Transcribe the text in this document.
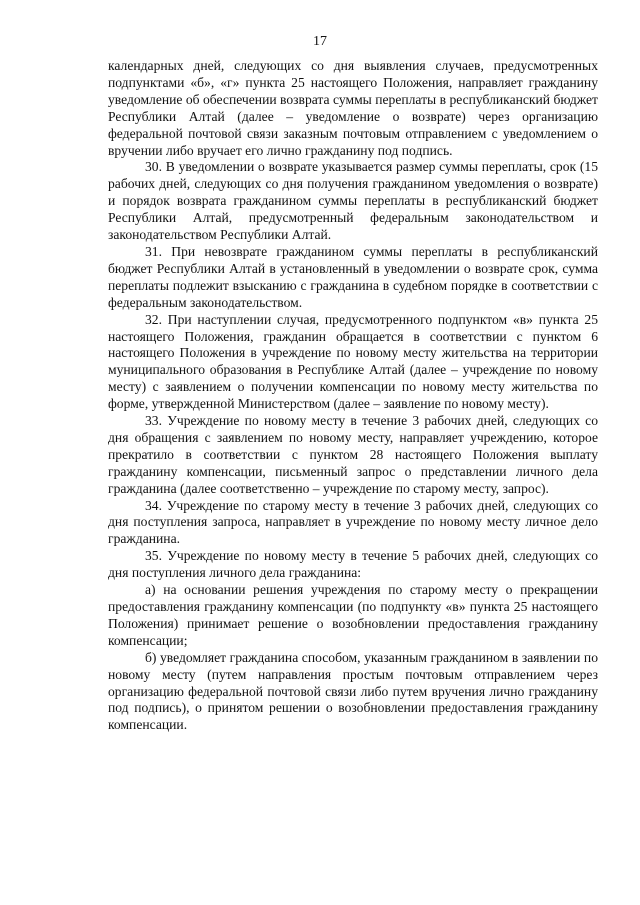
17

календарных дней, следующих со дня выявления случаев, предусмотренных подпунктами «б», «г» пункта 25 настоящего Положения, направляет гражданину уведомление об обеспечении возврата суммы переплаты в республиканский бюджет Республики Алтай (далее – уведомление о возврате) через организацию федеральной почтовой связи заказным почтовым отправлением с уведомлением о вручении либо вручает его лично гражданину под подпись.

30. В уведомлении о возврате указывается размер суммы переплаты, срок (15 рабочих дней, следующих со дня получения гражданином уведомления о возврате) и порядок возврата гражданином суммы переплаты в республиканский бюджет Республики Алтай, предусмотренный федеральным законодательством и законодательством Республики Алтай.

31. При невозврате гражданином суммы переплаты в республиканский бюджет Республики Алтай в установленный в уведомлении о возврате срок, сумма переплаты подлежит взысканию с гражданина в судебном порядке в соответствии с федеральным законодательством.

32. При наступлении случая, предусмотренного подпунктом «в» пункта 25 настоящего Положения, гражданин обращается в соответствии с пунктом 6 настоящего Положения в учреждение по новому месту жительства на территории муниципального образования в Республике Алтай (далее – учреждение по новому месту) с заявлением о получении компенсации по новому месту жительства по форме, утвержденной Министерством (далее – заявление по новому месту).

33. Учреждение по новому месту в течение 3 рабочих дней, следующих со дня обращения с заявлением по новому месту, направляет учреждению, которое прекратило в соответствии с пунктом 28 настоящего Положения выплату гражданину компенсации, письменный запрос о представлении личного дела гражданина (далее соответственно – учреждение по старому месту, запрос).

34. Учреждение по старому месту в течение 3 рабочих дней, следующих со дня поступления запроса, направляет в учреждение по новому месту личное дело гражданина.

35. Учреждение по новому месту в течение 5 рабочих дней, следующих со дня поступления личного дела гражданина:

а) на основании решения учреждения по старому месту о прекращении предоставления гражданину компенсации (по подпункту «в» пункта 25 настоящего Положения) принимает решение о возобновлении предоставления гражданину компенсации;

б) уведомляет гражданина способом, указанным гражданином в заявлении по новому месту (путем направления простым почтовым отправлением через организацию федеральной почтовой связи либо путем вручения лично гражданину под подпись), о принятом решении о возобновлении предоставления гражданину компенсации.
